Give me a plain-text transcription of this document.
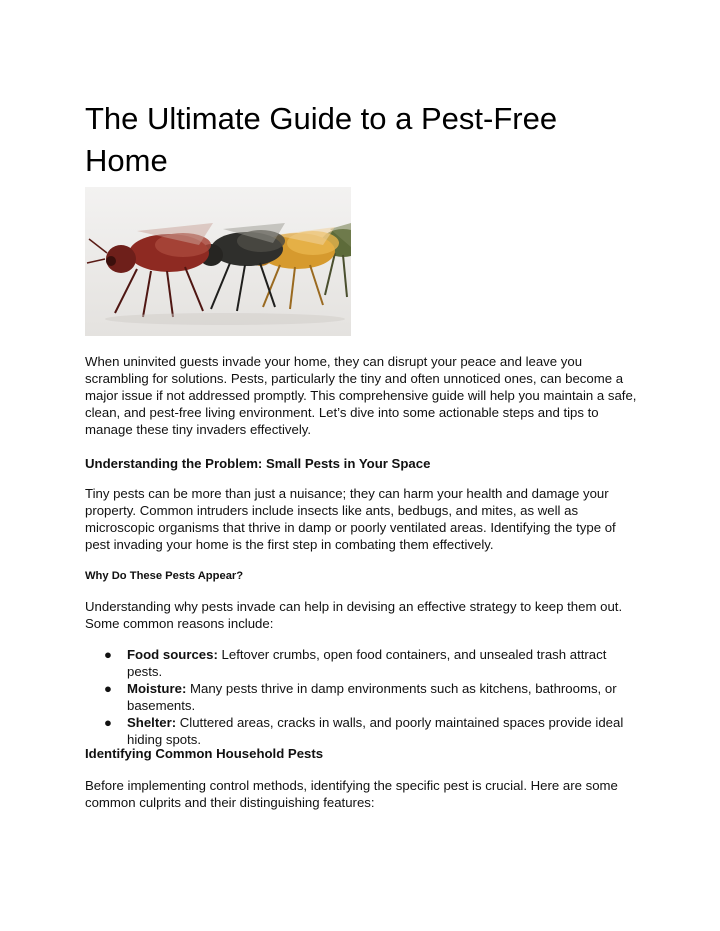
The Ultimate Guide to a Pest-Free Home

When uninvited guests invade your home, they can disrupt your peace and leave you scrambling for solutions. Pests, particularly the tiny and often unnoticed ones, can become a major issue if not addressed promptly. This comprehensive guide will help you maintain a safe, clean, and pest-free living environment. Let’s dive into some actionable steps and tips to manage these tiny invaders effectively.

Understanding the Problem: Small Pests in Your Space

Tiny pests can be more than just a nuisance; they can harm your health and damage your property. Common intruders include insects like ants, bedbugs, and mites, as well as microscopic organisms that thrive in damp or poorly ventilated areas. Identifying the type of pest invading your home is the first step in combating them effectively.

Why Do These Pests Appear?

Understanding why pests invade can help in devising an effective strategy to keep them out. Some common reasons include:

● Food sources: Leftover crumbs, open food containers, and unsealed trash attract pests.
● Moisture: Many pests thrive in damp environments such as kitchens, bathrooms, or basements.
● Shelter: Cluttered areas, cracks in walls, and poorly maintained spaces provide ideal hiding spots.

Identifying Common Household Pests

Before implementing control methods, identifying the specific pest is crucial. Here are some common culprits and their distinguishing features:
